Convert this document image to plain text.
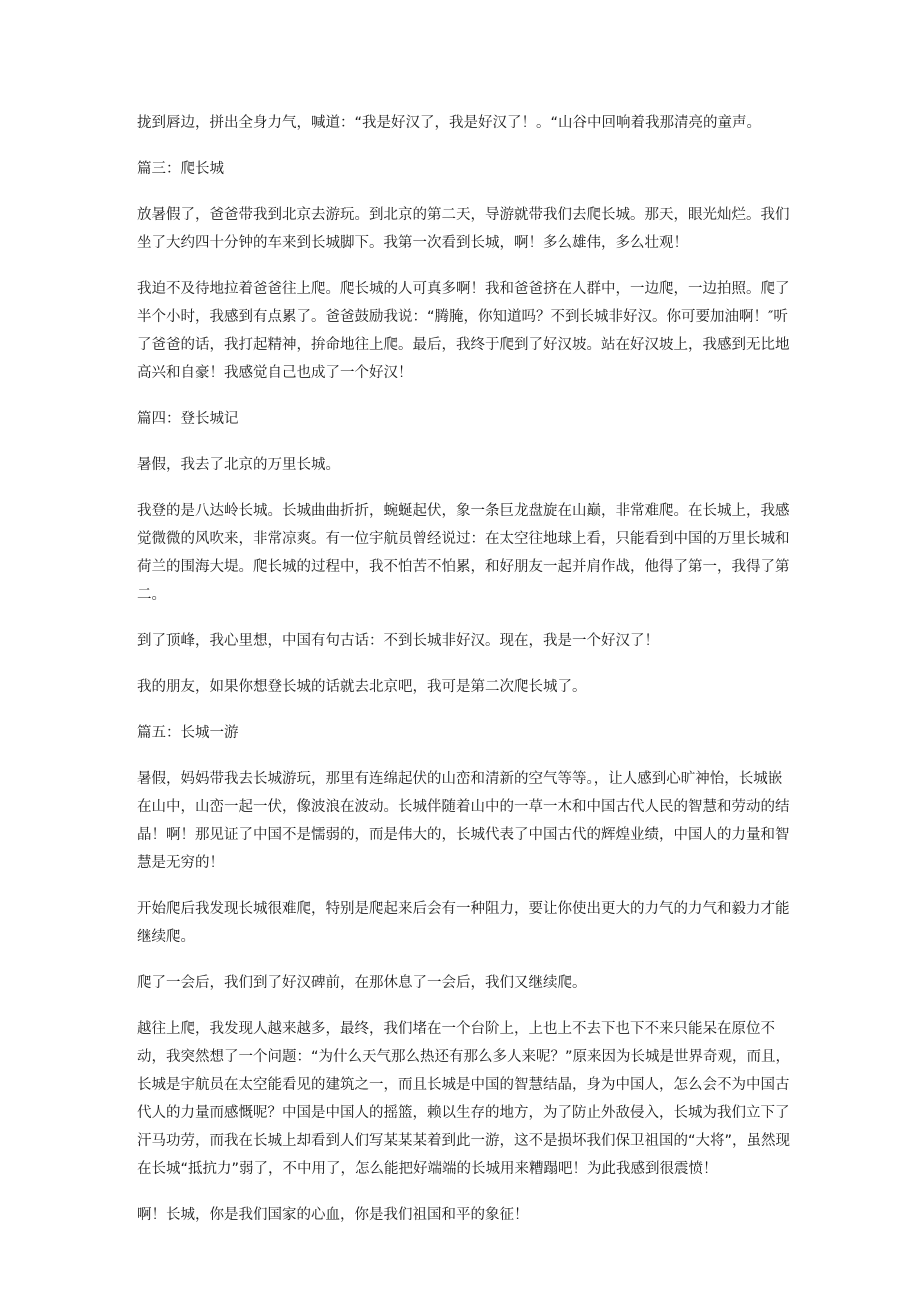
拢到唇边，拼出全身力气，喊道：“我是好汉了，我是好汉了！。“山谷中回响着我那清亮的童声。

篇三：爬长城

放暑假了，爸爸带我到北京去游玩。到北京的第二天，导游就带我们去爬长城。那天，眼光灿烂。我们坐了大约四十分钟的车来到长城脚下。我第一次看到长城，啊！多么雄伟，多么壮观！

我迫不及待地拉着爸爸往上爬。爬长城的人可真多啊！我和爸爸挤在人群中，一边爬，一边拍照。爬了半个小时，我感到有点累了。爸爸鼓励我说：“腾腌，你知道吗？不到长城非好汉。你可要加油啊！″听了爸爸的话，我打起精神，拚命地往上爬。最后，我终于爬到了好汉坡。站在好汉坡上，我感到无比地高兴和自豪！我感觉自己也成了一个好汉！

篇四：登长城记

暑假，我去了北京的万里长城。

我登的是八达岭长城。长城曲曲折折，蜿蜒起伏，象一条巨龙盘旋在山巅，非常难爬。在长城上，我感觉微微的风吹来，非常凉爽。有一位宇航员曾经说过：在太空往地球上看，只能看到中国的万里长城和荷兰的围海大堤。爬长城的过程中，我不怕苦不怕累，和好朋友一起并肩作战，他得了第一，我得了第二。

到了顶峰，我心里想，中国有句古话：不到长城非好汉。现在，我是一个好汉了！

我的朋友，如果你想登长城的话就去北京吧，我可是第二次爬长城了。

篇五：长城一游

暑假，妈妈带我去长城游玩，那里有连绵起伏的山峦和清新的空气等等。，让人感到心旷神怡，长城嵌在山中，山峦一起一伏，像波浪在波动。长城伴随着山中的一草一木和中国古代人民的智慧和劳动的结晶！啊！那见证了中国不是懦弱的，而是伟大的，长城代表了中国古代的辉煌业绩，中国人的力量和智慧是无穷的！

开始爬后我发现长城很难爬，特别是爬起来后会有一种阻力，要让你使出更大的力气的力气和毅力才能继续爬。

爬了一会后，我们到了好汉碑前，在那休息了一会后，我们又继续爬。

越往上爬，我发现人越来越多，最终，我们堵在一个台阶上，上也上不去下也下不来只能呆在原位不动，我突然想了一个问题：“为什么天气那么热还有那么多人来呢？”原来因为长城是世界奇观，而且，长城是宇航员在太空能看见的建筑之一，而且长城是中国的智慧结晶，身为中国人，怎么会不为中国古代人的力量而感慨呢？中国是中国人的摇篮，赖以生存的地方，为了防止外敌侵入，长城为我们立下了汗马功劳，而我在长城上却看到人们写某某某着到此一游，这不是损坏我们保卫祖国的“大将”，虽然现在长城“抵抗力”弱了，不中用了，怎么能把好端端的长城用来糟蹋吧！为此我感到很震愤！

啊！长城，你是我们国家的心血，你是我们祖国和平的象征！
